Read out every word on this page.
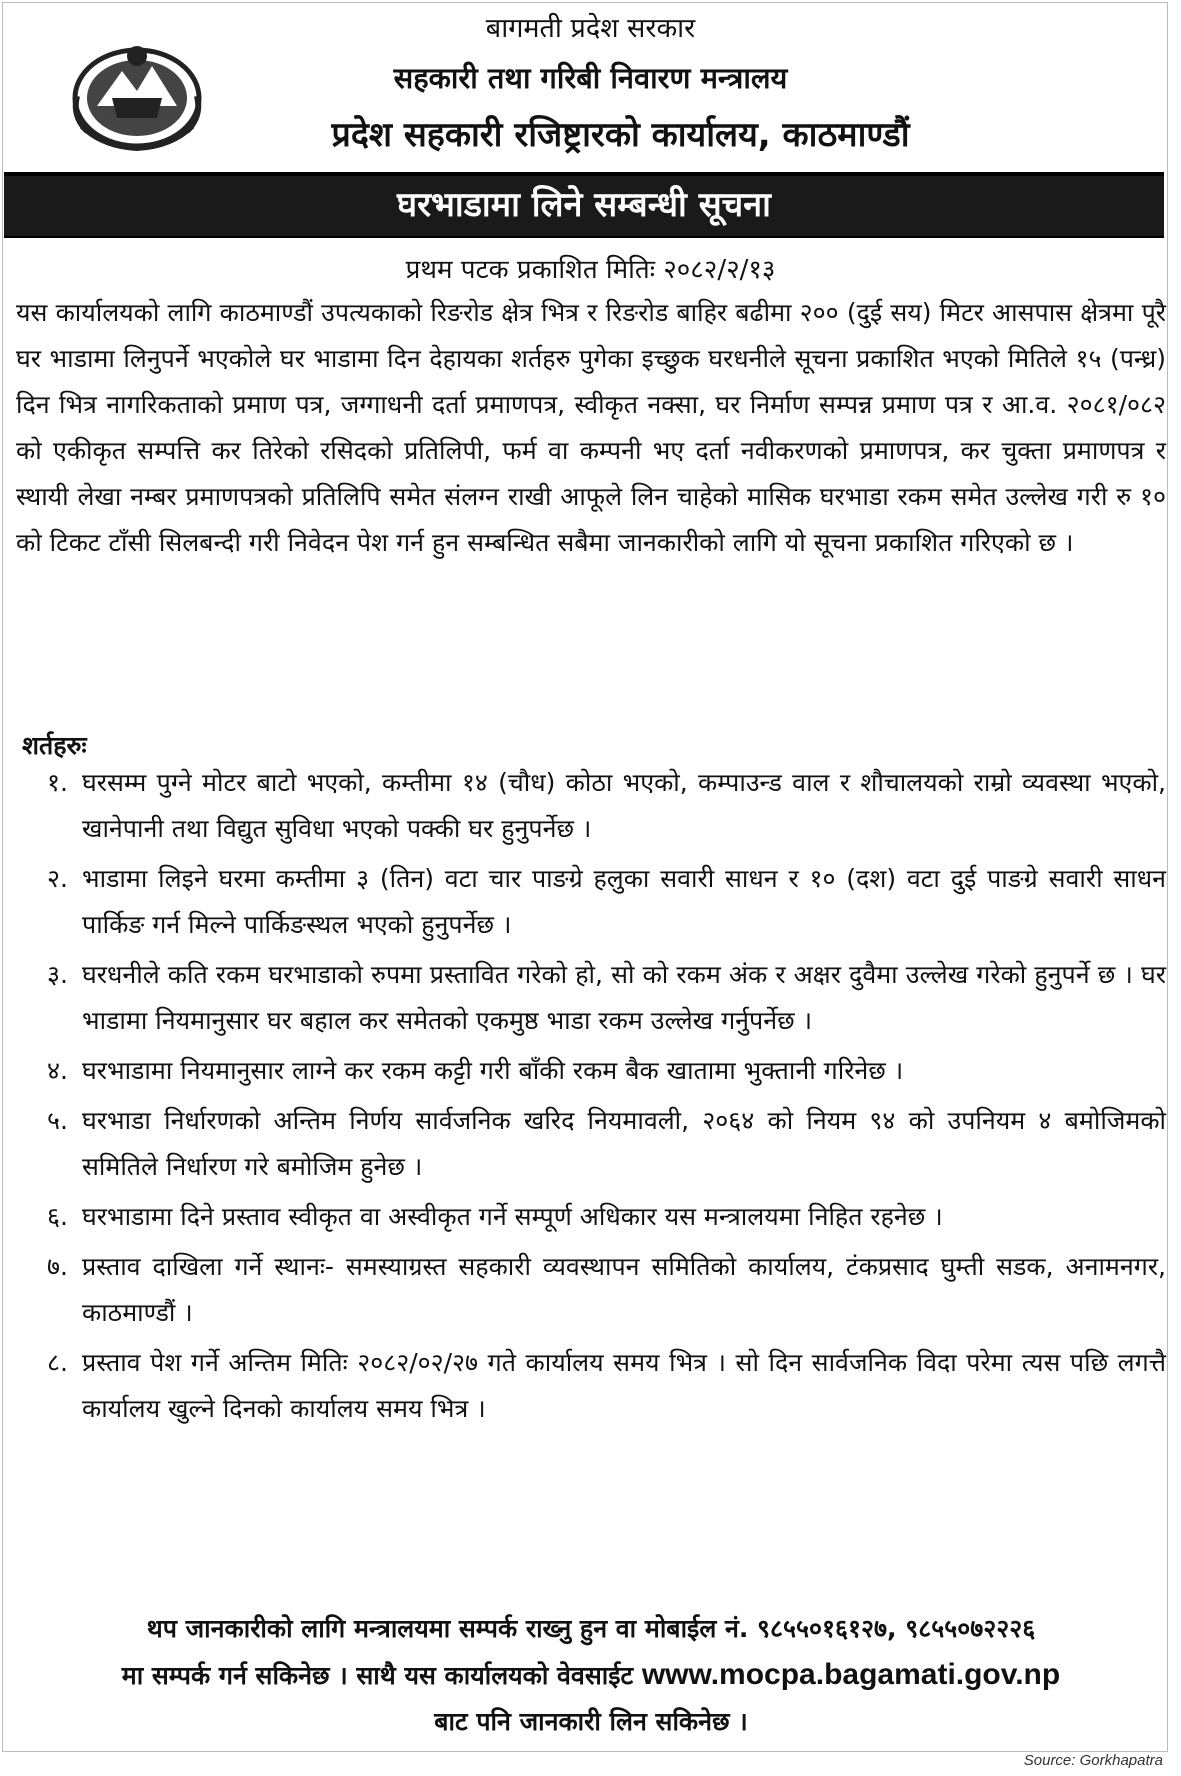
बागमती प्रदेश सरकार
सहकारी तथा गरिबी निवारण मन्त्रालय
प्रदेश सहकारी रजिष्ट्रारको कार्यालय, काठमाण्डौं
घरभाडामा लिने सम्बन्धी सूचना
प्रथम पटक प्रकाशित मितिः २०८२/२/१३
यस कार्यालयको लागि काठमाण्डौं उपत्यकाको रिङरोड क्षेत्र भित्र र रिङरोड बाहिर बढीमा २०० (दुई सय) मिटर आसपास क्षेत्रमा पूरै घर भाडामा लिनुपर्ने भएकोले घर भाडामा दिन देहायका शर्तहरु पुगेका इच्छुक घरधनीले सूचना प्रकाशित भएको मितिले १५ (पन्ध्र) दिन भित्र नागरिकताको प्रमाण पत्र, जग्गाधनी दर्ता प्रमाणपत्र, स्वीकृत नक्सा, घर निर्माण सम्पन्न प्रमाण पत्र र आ.व. २०८१/०८२ को एकीकृत सम्पत्ति कर तिरेको रसिदको प्रतिलिपी, फर्म वा कम्पनी भए दर्ता नवीकरणको प्रमाणपत्र, कर चुक्ता प्रमाणपत्र र स्थायी लेखा नम्बर प्रमाणपत्रको प्रतिलिपि समेत संलग्न राखी आफूले लिन चाहेको मासिक घरभाडा रकम समेत उल्लेख गरी रु १० को टिकट टाँसी सिलबन्दी गरी निवेदन पेश गर्न हुन सम्बन्धित सबैमा जानकारीको लागि यो सूचना प्रकाशित गरिएको छ ।
शर्तहरुः
१. घरसम्म पुग्ने मोटर बाटो भएको, कम्तीमा १४ (चौध) कोठा भएको, कम्पाउन्ड वाल र शौचालयको राम्रो व्यवस्था भएको, खानेपानी तथा विद्युत सुविधा भएको पक्की घर हुनुपर्नेछ ।
२. भाडामा लिइने घरमा कम्तीमा ३ (तिन) वटा चार पाङग्रे हलुका सवारी साधन र १० (दश) वटा दुई पाङग्रे सवारी साधन पार्किङ गर्न मिल्ने पार्किङस्थल भएको हुनुपर्नेछ ।
३. घरधनीले कति रकम घरभाडाको रुपमा प्रस्तावित गरेको हो, सो को रकम अंक र अक्षर दुवैमा उल्लेख गरेको हुनुपर्ने छ । घर भाडामा नियमानुसार घर बहाल कर समेतको एकमुष्ठ भाडा रकम उल्लेख गर्नुपर्नेछ ।
४. घरभाडामा नियमानुसार लाग्ने कर रकम कट्टी गरी बाँकी रकम बैक खातामा भुक्तानी गरिनेछ ।
५. घरभाडा निर्धारणको अन्तिम निर्णय सार्वजनिक खरिद नियमावली, २०६४ को नियम ९४ को उपनियम ४ बमोजिमको समितिले निर्धारण गरे बमोजिम हुनेछ ।
६. घरभाडामा दिने प्रस्ताव स्वीकृत वा अस्वीकृत गर्ने सम्पूर्ण अधिकार यस मन्त्रालयमा निहित रहनेछ ।
७. प्रस्ताव दाखिला गर्ने स्थानः- समस्याग्रस्त सहकारी व्यवस्थापन समितिको कार्यालय, टंकप्रसाद घुम्ती सडक, अनामनगर, काठमाण्डौं ।
८. प्रस्ताव पेश गर्ने अन्तिम मितिः २०८२/०२/२७ गते कार्यालय समय भित्र । सो दिन सार्वजनिक विदा परेमा त्यस पछि लगत्तै कार्यालय खुल्ने दिनको कार्यालय समय भित्र ।
थप जानकारीको लागि मन्त्रालयमा सम्पर्क राख्नु हुन वा मोबाईल नं. ९८५५०१६१२७, ९८५५०७२२२६
मा सम्पर्क गर्न सकिनेछ । साथै यस कार्यालयको वेवसाईट www.mocpa.bagamati.gov.np
बाट पनि जानकारी लिन सकिनेछ ।
Source: Gorkhapatra
